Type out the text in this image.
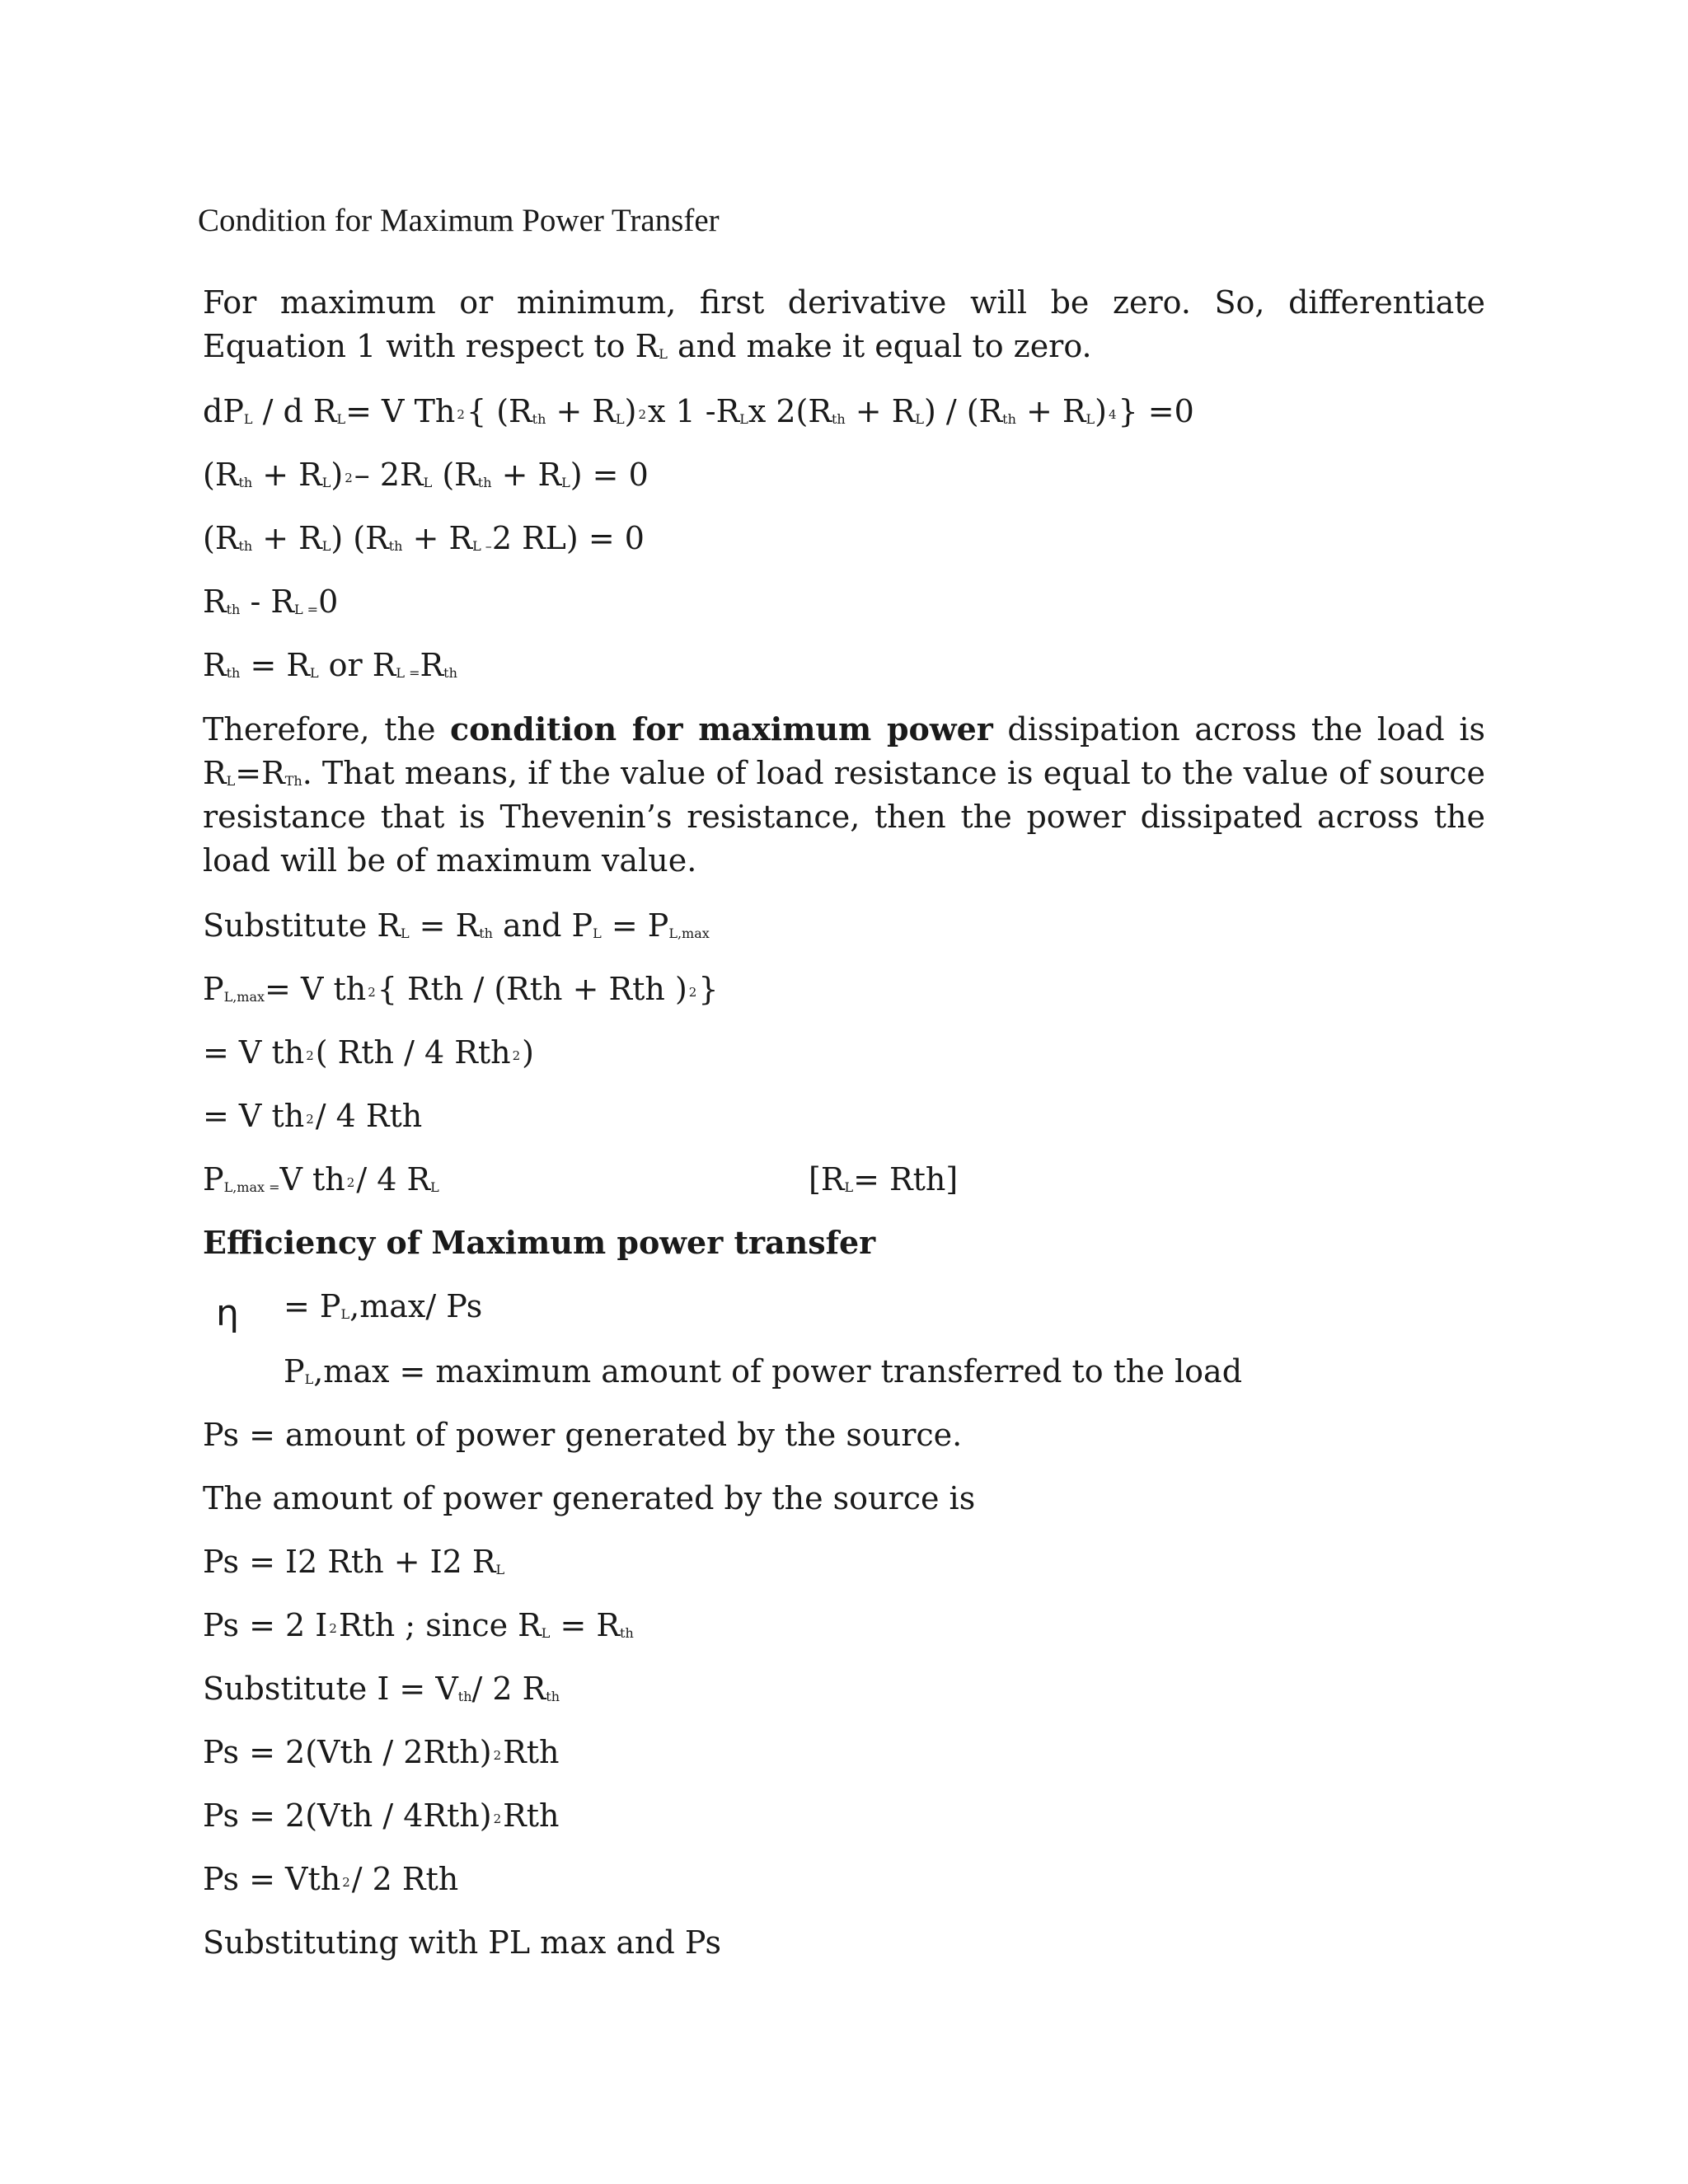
Condition for Maximum Power Transfer
For maximum or minimum, first derivative will be zero. So, differentiate Equation 1 with respect to $R_L$ and make it equal to zero.
$dP_L$ / d $R_L= V$ Th $^2${ $(R_{th} + R_L)$ $^2$x 1 $-R_Lx$ $2(R_{th} + R_L) / (R_{th} + R_L)$ $^4$} =0
$(R_{th} + R_L)$ $^2$– $2R_L$ $(R_{th} + R_L) = 0$
$(R_{th} + R_L) (R_{th} + R_{L -}2$ RL) = 0
$R_{th} - R_{L =}0$
$R_{th} = R_L$ or $R_{L =}R_{th}$
Therefore, the condition for maximum power dissipation across the load is $R_L=R_{Th}$. That means, if the value of load resistance is equal to the value of source resistance that is Thevenin’s resistance, then the power dissipated across the load will be of maximum value.
Substitute $R_L = R_{th}$ and $P_L = P_{L,max}$
$P_{L,max}= V$ th $^2${ Rth / (Rth + Rth ) $^2$}
= V th $^2$( Rth / 4 Rth $^2$)
= V th $^2$/ 4 Rth
$P_{L,max =}V$ th $^2$/ 4 $R_L$	$[R_L= Rth]$
Efficiency of Maximum power transfer
$\eta = P_L,\max/$ Ps
$P_L,\max$ = maximum amount of power transferred to the load
Ps = amount of power generated by the source.
The amount of power generated by the source is
Ps = I2 Rth + I2 $R_L$
Ps = 2 I $^2$Rth ; since $R_L = R_{th}$
Substitute $I = V_{th}/$ 2 $R_{th}$
Ps = 2(Vth / 2Rth) $^2$Rth
Ps = 2(Vth / 4Rth) $^2$Rth
Ps = Vth $^2$/ 2 Rth
Substituting with PL max and Ps
